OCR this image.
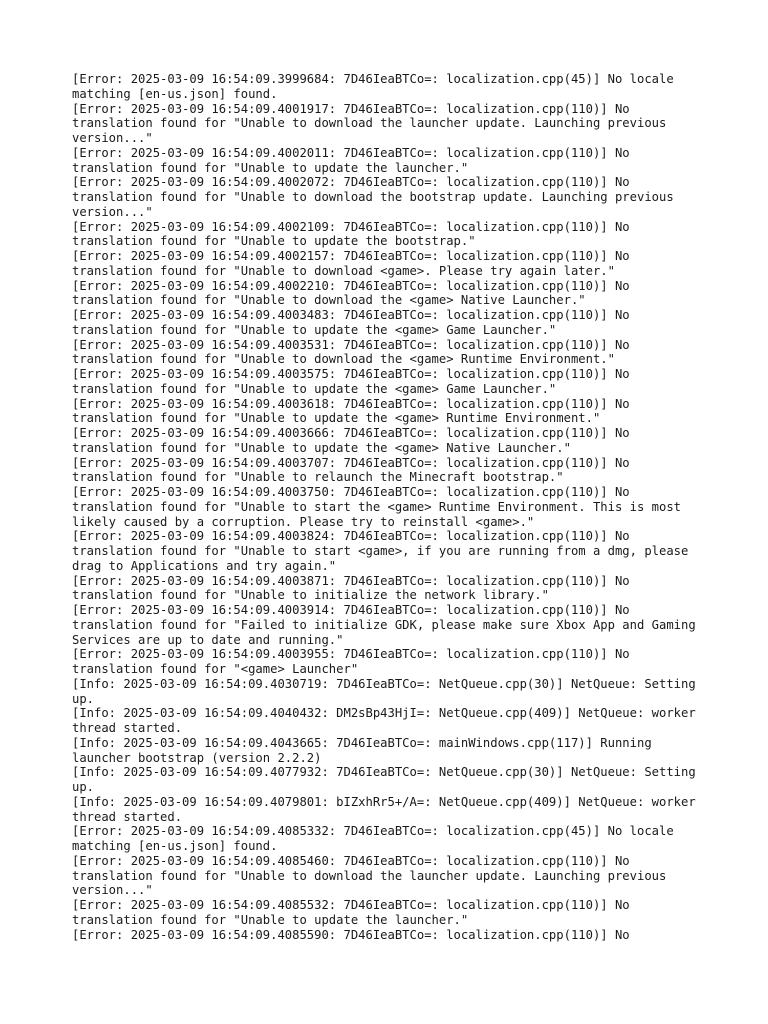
[Error: 2025-03-09 16:54:09.3999684: 7D46IeaBTCo=: localization.cpp(45)] No locale matching [en-us.json] found.
[Error: 2025-03-09 16:54:09.4001917: 7D46IeaBTCo=: localization.cpp(110)] No translation found for "Unable to download the launcher update. Launching previous version..."
[Error: 2025-03-09 16:54:09.4002011: 7D46IeaBTCo=: localization.cpp(110)] No translation found for "Unable to update the launcher."
[Error: 2025-03-09 16:54:09.4002072: 7D46IeaBTCo=: localization.cpp(110)] No translation found for "Unable to download the bootstrap update. Launching previous version..."
[Error: 2025-03-09 16:54:09.4002109: 7D46IeaBTCo=: localization.cpp(110)] No translation found for "Unable to update the bootstrap."
[Error: 2025-03-09 16:54:09.4002157: 7D46IeaBTCo=: localization.cpp(110)] No translation found for "Unable to download <game>. Please try again later."
[Error: 2025-03-09 16:54:09.4002210: 7D46IeaBTCo=: localization.cpp(110)] No translation found for "Unable to download the <game> Native Launcher."
[Error: 2025-03-09 16:54:09.4003483: 7D46IeaBTCo=: localization.cpp(110)] No translation found for "Unable to update the <game> Game Launcher."
[Error: 2025-03-09 16:54:09.4003531: 7D46IeaBTCo=: localization.cpp(110)] No translation found for "Unable to download the <game> Runtime Environment."
[Error: 2025-03-09 16:54:09.4003575: 7D46IeaBTCo=: localization.cpp(110)] No translation found for "Unable to update the <game> Game Launcher."
[Error: 2025-03-09 16:54:09.4003618: 7D46IeaBTCo=: localization.cpp(110)] No translation found for "Unable to update the <game> Runtime Environment."
[Error: 2025-03-09 16:54:09.4003666: 7D46IeaBTCo=: localization.cpp(110)] No translation found for "Unable to update the <game> Native Launcher."
[Error: 2025-03-09 16:54:09.4003707: 7D46IeaBTCo=: localization.cpp(110)] No translation found for "Unable to relaunch the Minecraft bootstrap."
[Error: 2025-03-09 16:54:09.4003750: 7D46IeaBTCo=: localization.cpp(110)] No translation found for "Unable to start the <game> Runtime Environment. This is most likely caused by a corruption. Please try to reinstall <game>."
[Error: 2025-03-09 16:54:09.4003824: 7D46IeaBTCo=: localization.cpp(110)] No translation found for "Unable to start <game>, if you are running from a dmg, please drag to Applications and try again."
[Error: 2025-03-09 16:54:09.4003871: 7D46IeaBTCo=: localization.cpp(110)] No translation found for "Unable to initialize the network library."
[Error: 2025-03-09 16:54:09.4003914: 7D46IeaBTCo=: localization.cpp(110)] No translation found for "Failed to initialize GDK, please make sure Xbox App and Gaming Services are up to date and running."
[Error: 2025-03-09 16:54:09.4003955: 7D46IeaBTCo=: localization.cpp(110)] No translation found for "<game> Launcher"
[Info: 2025-03-09 16:54:09.4030719: 7D46IeaBTCo=: NetQueue.cpp(30)] NetQueue: Setting up.
[Info: 2025-03-09 16:54:09.4040432: DM2sBp43HjI=: NetQueue.cpp(409)] NetQueue: worker thread started.
[Info: 2025-03-09 16:54:09.4043665: 7D46IeaBTCo=: mainWindows.cpp(117)] Running launcher bootstrap (version 2.2.2)
[Info: 2025-03-09 16:54:09.4077932: 7D46IeaBTCo=: NetQueue.cpp(30)] NetQueue: Setting up.
[Info: 2025-03-09 16:54:09.4079801: bIZxhRr5+/A=: NetQueue.cpp(409)] NetQueue: worker thread started.
[Error: 2025-03-09 16:54:09.4085332: 7D46IeaBTCo=: localization.cpp(45)] No locale matching [en-us.json] found.
[Error: 2025-03-09 16:54:09.4085460: 7D46IeaBTCo=: localization.cpp(110)] No translation found for "Unable to download the launcher update. Launching previous version..."
[Error: 2025-03-09 16:54:09.4085532: 7D46IeaBTCo=: localization.cpp(110)] No translation found for "Unable to update the launcher."
[Error: 2025-03-09 16:54:09.4085590: 7D46IeaBTCo=: localization.cpp(110)] No
